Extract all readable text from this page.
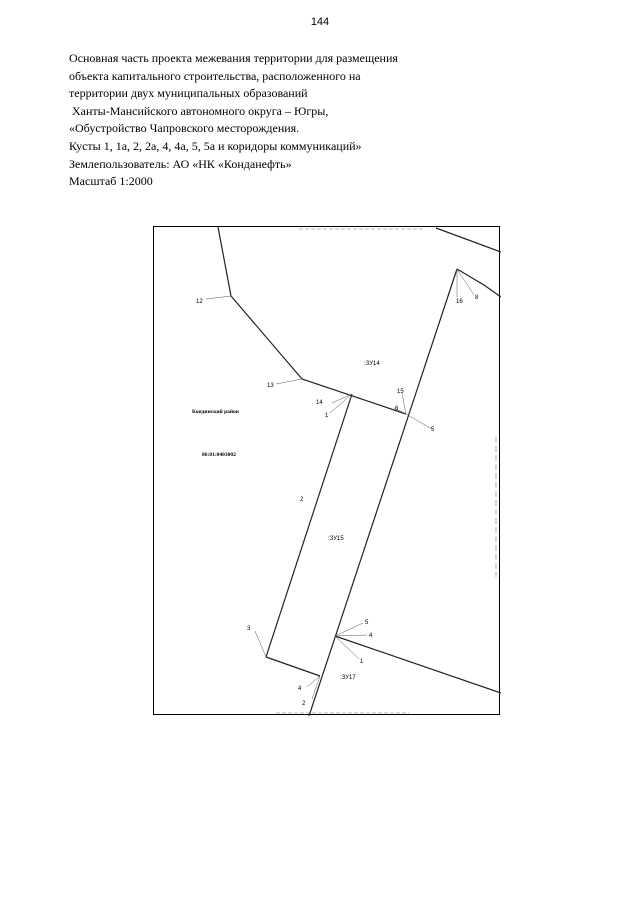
144
Основная часть проекта межевания территории для размещения
объекта капитального строительства, расположенного на
территории двух муниципальных образований
Ханты-Мансийского автономного округа – Югры,
«Обустройство Чапровского месторождения.
Кусты 1, 1а, 2, 2а, 4, 4а, 5, 5а и коридоры коммуникаций»
Землепользователь: АО «НК «Конданефть»
Масштаб 1:2000
Кондинский район
86:01:0403002
:ЗУ14
:ЗУ15
:ЗУ17
12
13
14
1
15
6
5
16
8
2
3
5
4
1
4
2
